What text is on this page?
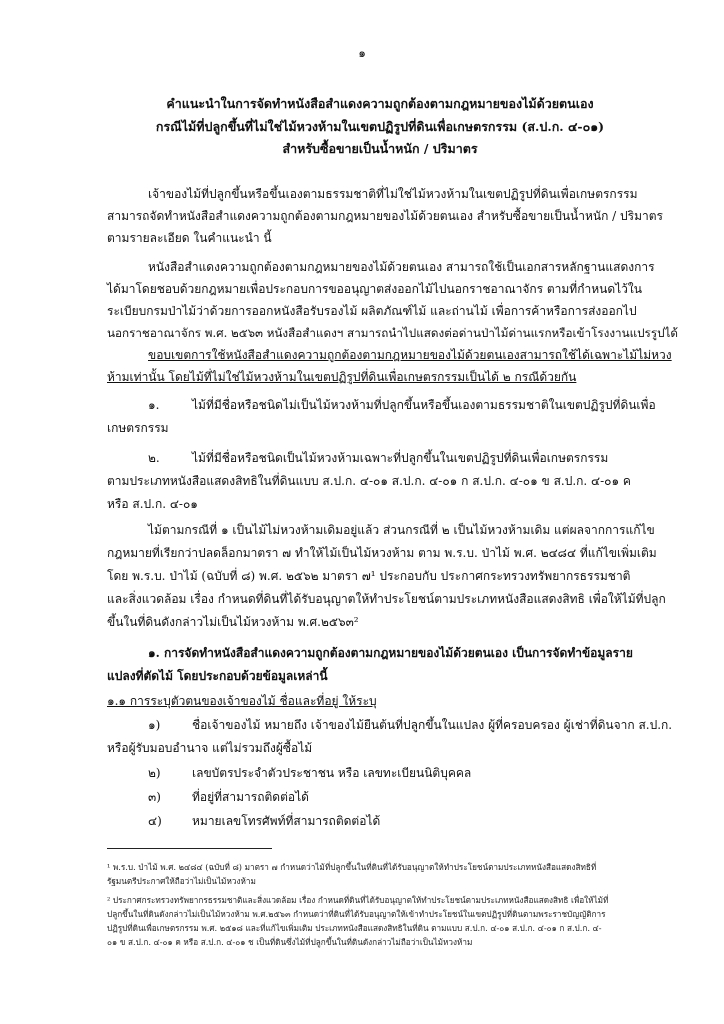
๑
คำแนะนำในการจัดทำหนังสือสำแดงความถูกต้องตามกฎหมายของไม้ด้วยตนเอง
กรณีไม้ที่ปลูกขึ้นที่ไม่ใช่ไม้หวงห้ามในเขตปฏิรูปที่ดินเพื่อเกษตรกรรม (ส.ป.ก. ๔-๐๑)
สำหรับซื้อขายเป็นน้ำหนัก / ปริมาตร
เจ้าของไม้ที่ปลูกขึ้นหรือขึ้นเองตามธรรมชาติที่ไม่ใช่ไม้หวงห้ามในเขตปฏิรูปที่ดินเพื่อเกษตรกรรม
สามารถจัดทำหนังสือสำแดงความถูกต้องตามกฎหมายของไม้ด้วยตนเอง สำหรับซื้อขายเป็นน้ำหนัก / ปริมาตร
ตามรายละเอียด ในคำแนะนำ นี้
หนังสือสำแดงความถูกต้องตามกฎหมายของไม้ด้วยตนเอง สามารถใช้เป็นเอกสารหลักฐานแสดงการ
ได้มาโดยชอบด้วยกฎหมายเพื่อประกอบการขออนุญาตส่งออกไม้ไปนอกราชอาณาจักร ตามที่กำหนดไว้ใน
ระเบียบกรมป่าไม้ว่าด้วยการออกหนังสือรับรองไม้ ผลิตภัณฑ์ไม้ และถ่านไม้ เพื่อการค้าหรือการส่งออกไป
นอกราชอาณาจักร พ.ศ. ๒๕๖๓ หนังสือสำแดงฯ สามารถนำไปแสดงต่อด่านป่าไม้ด่านแรกหรือเข้าโรงงานแปรรูปได้
ขอบเขตการใช้หนังสือสำแดงความถูกต้องตามกฎหมายของไม้ด้วยตนเองสามารถใช้ได้เฉพาะไม้ไม่หวง
ห้ามเท่านั้น โดยไม้ที่ไม่ใช่ไม้หวงห้ามในเขตปฏิรูปที่ดินเพื่อเกษตรกรรมเป็นได้ ๒ กรณีด้วยกัน
๑.	ไม้ที่มีชื่อหรือชนิดไม่เป็นไม้หวงห้ามที่ปลูกขึ้นหรือขึ้นเองตามธรรมชาติในเขตปฏิรูปที่ดินเพื่อ
เกษตรกรรม
๒.	ไม้ที่มีชื่อหรือชนิดเป็นไม้หวงห้ามเฉพาะที่ปลูกขึ้นในเขตปฏิรูปที่ดินเพื่อเกษตรกรรม
ตามประเภทหนังสือแสดงสิทธิในที่ดินแบบ ส.ป.ก. ๔-๐๑ ส.ป.ก. ๔-๐๑ ก ส.ป.ก. ๔-๐๑ ข ส.ป.ก. ๔-๐๑ ค
หรือ ส.ป.ก. ๔-๐๑
ไม้ตามกรณีที่ ๑ เป็นไม้ไม่หวงห้ามเดิมอยู่แล้ว ส่วนกรณีที่ ๒ เป็นไม้หวงห้ามเดิม แต่ผลจากการแก้ไข
กฎหมายที่เรียกว่าปลดล็อกมาตรา ๗ ทำให้ไม้เป็นไม้หวงห้าม ตาม พ.ร.บ. ป่าไม้ พ.ศ. ๒๔๘๔ ที่แก้ไขเพิ่มเติม
โดย พ.ร.บ. ป่าไม้ (ฉบับที่ ๘) พ.ศ. ๒๕๖๒ มาตรา ๗¹ ประกอบกับ ประกาศกระทรวงทรัพยากรธรรมชาติ
และสิ่งแวดล้อม เรื่อง กำหนดที่ดินที่ได้รับอนุญาตให้ทำประโยชน์ตามประเภทหนังสือแสดงสิทธิ เพื่อให้ไม้ที่ปลูก
ขึ้นในที่ดินดังกล่าวไม่เป็นไม้หวงห้าม พ.ศ.๒๕๖๓²
๑. การจัดทำหนังสือสำแดงความถูกต้องตามกฎหมายของไม้ด้วยตนเอง เป็นการจัดทำข้อมูลราย
แปลงที่ตัดไม้ โดยประกอบด้วยข้อมูลเหล่านี้
๑.๑ การระบุตัวตนของเจ้าของไม้ ชื่อและที่อยู่ ให้ระบุ
๑)	ชื่อเจ้าของไม้ หมายถึง เจ้าของไม้ยืนต้นที่ปลูกขึ้นในแปลง ผู้ที่ครอบครอง ผู้เช่าที่ดินจาก ส.ป.ก.
หรือผู้รับมอบอำนาจ แต่ไม่รวมถึงผู้ซื้อไม้
๒)	เลขบัตรประจำตัวประชาชน หรือ เลขทะเบียนนิติบุคคล
๓)	ที่อยู่ที่สามารถติดต่อได้
๔)	หมายเลขโทรศัพท์ที่สามารถติดต่อได้
¹ พ.ร.บ. ป่าไม้ พ.ศ. ๒๔๘๔ (ฉบับที่ ๘) มาตรา ๗ กำหนดว่าไม้ที่ปลูกขึ้นในที่ดินที่ได้รับอนุญาตให้ทำประโยชน์ตามประเภทหนังสือแสดงสิทธิที่
รัฐมนตรีประกาศให้ถือว่าไม่เป็นไม้หวงห้าม
² ประกาศกระทรวงทรัพยากรธรรมชาติและสิ่งแวดล้อม เรื่อง กำหนดที่ดินที่ได้รับอนุญาตให้ทำประโยชน์ตามประเภทหนังสือแสดงสิทธิ เพื่อให้ไม้ที่
ปลูกขึ้นในที่ดินดังกล่าวไม่เป็นไม้หวงห้าม พ.ศ.๒๕๖๓ กำหนดว่าที่ดินที่ได้รับอนุญาตให้เข้าทำประโยชน์ในเขตปฏิรูปที่ดินตามพระราชบัญญัติการ
ปฏิรูปที่ดินเพื่อเกษตรกรรม พ.ศ. ๒๕๑๘ และที่แก้ไขเพิ่มเติม ประเภทหนังสือแสดงสิทธิในที่ดิน ตามแบบ ส.ป.ก. ๔-๐๑ ส.ป.ก. ๔-๐๑ ก ส.ป.ก. ๔-
๐๑ ข ส.ป.ก. ๔-๐๑ ค หรือ ส.ป.ก. ๔-๐๑ ช เป็นที่ดินซึ่งไม้ที่ปลูกขึ้นในที่ดินดังกล่าวไม่ถือว่าเป็นไม้หวงห้าม
